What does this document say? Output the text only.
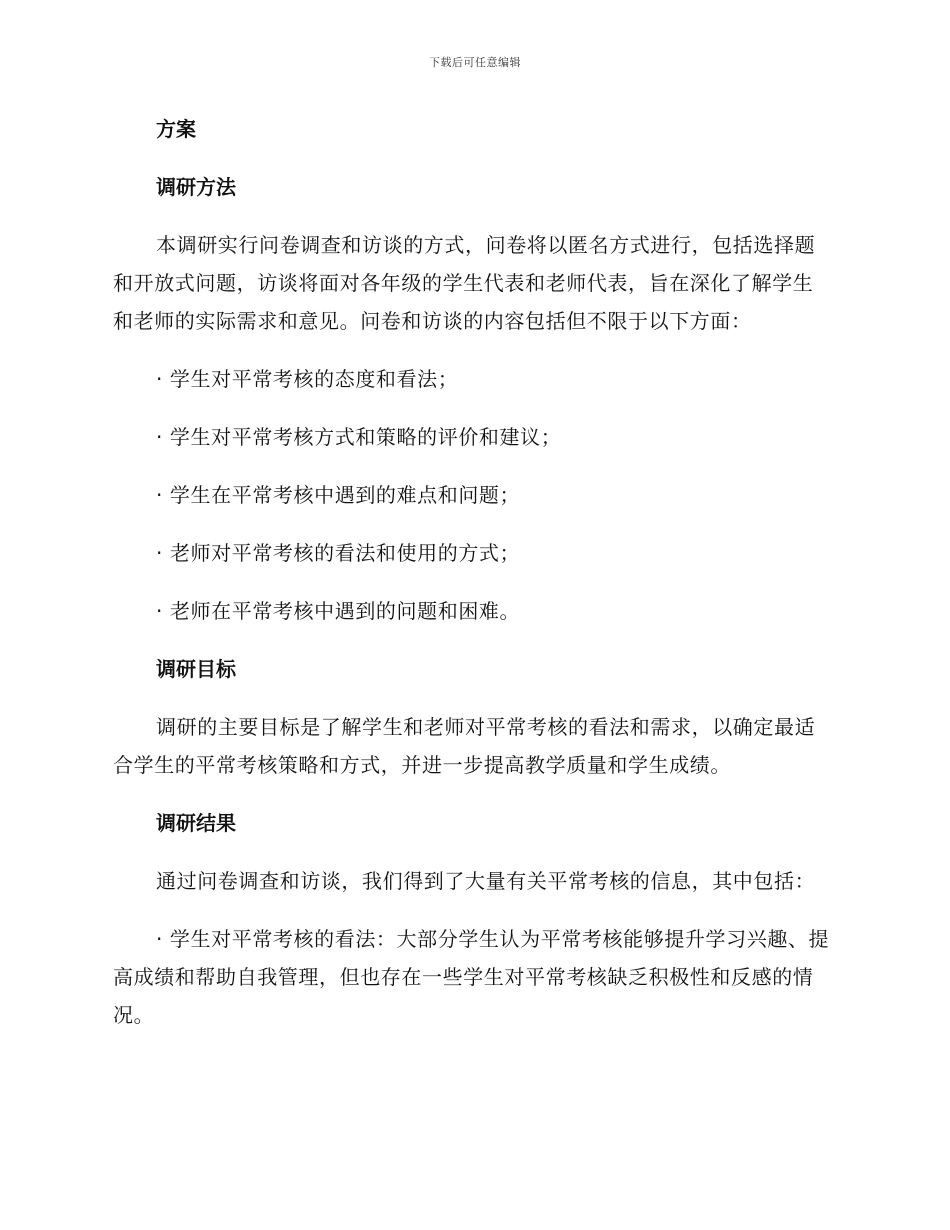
下载后可任意编辑
方案
调研方法
本调研实行问卷调查和访谈的方式，问卷将以匿名方式进行，包括选择题和开放式问题，访谈将面对各年级的学生代表和老师代表，旨在深化了解学生和老师的实际需求和意见。问卷和访谈的内容包括但不限于以下方面：
· 学生对平常考核的态度和看法；
· 学生对平常考核方式和策略的评价和建议；
· 学生在平常考核中遇到的难点和问题；
· 老师对平常考核的看法和使用的方式；
· 老师在平常考核中遇到的问题和困难。
调研目标
调研的主要目标是了解学生和老师对平常考核的看法和需求，以确定最适合学生的平常考核策略和方式，并进一步提高教学质量和学生成绩。
调研结果
通过问卷调查和访谈，我们得到了大量有关平常考核的信息，其中包括：
· 学生对平常考核的看法：大部分学生认为平常考核能够提升学习兴趣、提高成绩和帮助自我管理，但也存在一些学生对平常考核缺乏积极性和反感的情况。
